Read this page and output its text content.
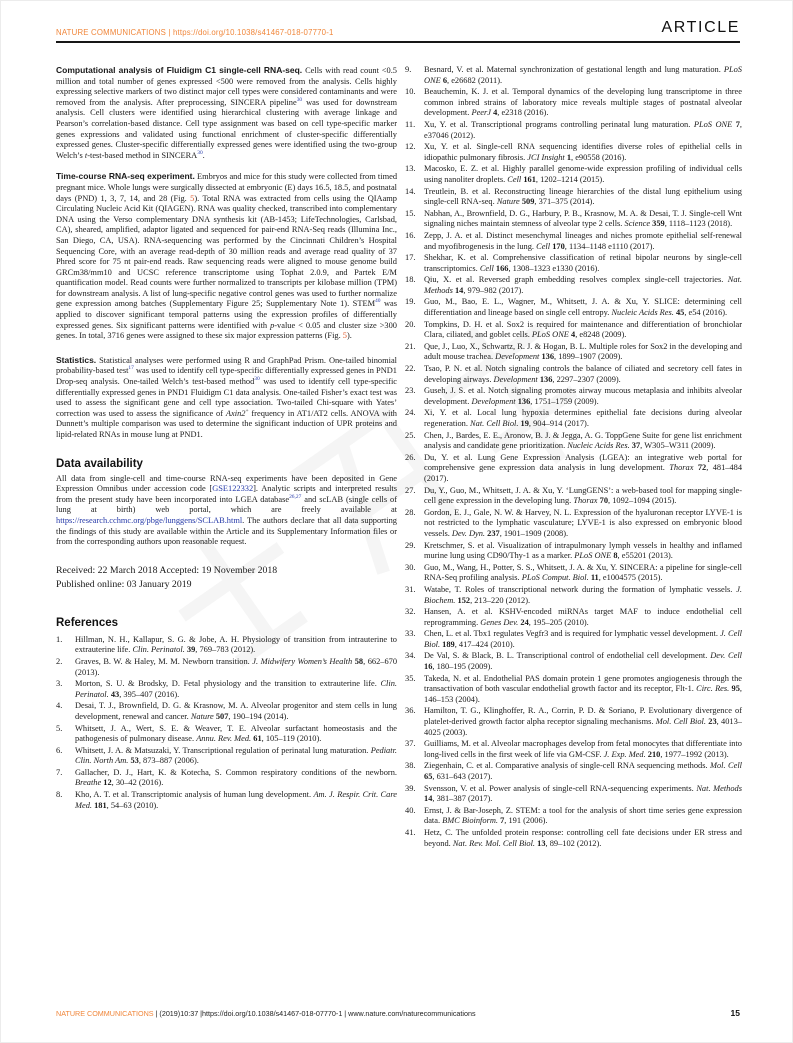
NATURE COMMUNICATIONS | https://doi.org/10.1038/s41467-018-07770-1	ARTICLE
Computational analysis of Fluidigm C1 single-cell RNA-seq. Cells with read count <0.5 million and total number of genes expressed <500 were removed from the analysis. Cells highly expressing selective markers of two distinct major cell types were considered contaminants and were removed from the analysis. After preprocessing, SINCERA pipeline$^{30}$ was used for downstream analysis. Cell clusters were identified using hierarchical clustering with average linkage and Pearson’s correlation-based distance. Cell type assignment was based on cell type-specific marker genes expressions and validated using functional enrichment of cluster-specific differentially expressed genes. Cluster-specific differentially expressed genes were identified using the two-group Welch’s t-test-based method in SINCERA$^{30}$.
Time-course RNA-seq experiment. Embryos and mice for this study were collected from timed pregnant mice. Whole lungs were surgically dissected at embryonic (E) days 16.5, 18.5, and postnatal days (PND) 1, 3, 7, 14, and 28 (Fig. 5). Total RNA was extracted from cells using the QIAamp Circulating Nucleic Acid Kit (QIAGEN). RNA was quality checked, transcribed into complementary DNA using the Verso complementary DNA synthesis kit (AB-1453; LifeTechnologies, Carlsbad, CA), sheared, amplified, adaptor ligated and sequenced for pair-end RNA-Seq reads (Illumina Inc., San Diego, CA, USA). RNA-sequencing was performed by the Cincinnati Children’s Hospital Sequencing Core, with an average read-depth of 30 million reads and average read quality of 37 Phred score for 75 nt pair-end reads. Raw sequencing reads were aligned to mouse genome build GRCm38/mm10 and UCSC reference transcriptome using Tophat 2.0.9, and Partek E/M quantification model. Read counts were further normalized to transcripts per kilobase million (TPM) for downstream analysis. A list of lung-specific negative control genes was used to further normalize gene expression among batches (Supplementary Figure 25; Supplementary Note 1). STEM$^{40}$ was applied to discover significant temporal patterns using the expression profiles of differentially expressed genes. Six significant patterns were identified with p-value < 0.05 and cluster size >300 genes. In total, 3716 genes were assigned to these six major expression patterns (Fig. 5).
Statistics. Statistical analyses were performed using R and GraphPad Prism. One-tailed binomial probability-based test$^{17}$ was used to identify cell type-specific differentially expressed genes in PND1 Drop-seq analysis. One-tailed Welch’s test-based method$^{30}$ was used to identify cell type-specific differentially expressed genes in PND1 Fluidigm C1 data analysis. One-tailed Fisher’s exact test was used to assess the significant gene and cell type association. Two-tailed Chi-square with Yates’ correction was used to assess the significance of Axin2+ frequency in AT1/AT2 cells. ANOVA with Dunnett’s multiple comparison was used to determine the significant induction of UPR proteins and lipid-related RNAs in mouse lung at PND1.
Data availability
All data from single-cell and time-course RNA-seq experiments have been deposited in Gene Expression Omnibus under accession code [GSE122332]. Analytic scripts and interpreted results from the present study have been incorporated into LGEA database$^{26,27}$ and scLAB (single cells of lung at birth) web portal, which are freely available at https://research.cchmc.org/pbge/lunggens/SCLAB.html. The authors declare that all data supporting the findings of this study are available within the Article and its Supplementary Information files or from the corresponding authors upon reasonable request.
Received: 22 March 2018 Accepted: 19 November 2018
Published online: 03 January 2019
References
1.	Hillman, N. H., Kallapur, S. G. & Jobe, A. H. Physiology of transition from intrauterine to extrauterine life. Clin. Perinatol. 39, 769–783 (2012).
2.	Graves, B. W. & Haley, M. M. Newborn transition. J. Midwifery Women’s Health 58, 662–670 (2013).
3.	Morton, S. U. & Brodsky, D. Fetal physiology and the transition to extrauterine life. Clin. Perinatol. 43, 395–407 (2016).
4.	Desai, T. J., Brownfield, D. G. & Krasnow, M. A. Alveolar progenitor and stem cells in lung development, renewal and cancer. Nature 507, 190–194 (2014).
5.	Whitsett, J. A., Wert, S. E. & Weaver, T. E. Alveolar surfactant homeostasis and the pathogenesis of pulmonary disease. Annu. Rev. Med. 61, 105–119 (2010).
6.	Whitsett, J. A. & Matsuzaki, Y. Transcriptional regulation of perinatal lung maturation. Pediatr. Clin. North Am. 53, 873–887 (2006).
7.	Gallacher, D. J., Hart, K. & Kotecha, S. Common respiratory conditions of the newborn. Breathe 12, 30–42 (2016).
8.	Kho, A. T. et al. Transcriptomic analysis of human lung development. Am. J. Respir. Crit. Care Med. 181, 54–63 (2010).
9.	Besnard, V. et al. Maternal synchronization of gestational length and lung maturation. PLoS ONE 6, e26682 (2011).
10.	Beauchemin, K. J. et al. Temporal dynamics of the developing lung transcriptome in three common inbred strains of laboratory mice reveals multiple stages of postnatal alveolar development. PeerJ 4, e2318 (2016).
11.	Xu, Y. et al. Transcriptional programs controlling perinatal lung maturation. PLoS ONE 7, e37046 (2012).
12.	Xu, Y. et al. Single-cell RNA sequencing identifies diverse roles of epithelial cells in idiopathic pulmonary fibrosis. JCI Insight 1, e90558 (2016).
13.	Macosko, E. Z. et al. Highly parallel genome-wide expression profiling of individual cells using nanoliter droplets. Cell 161, 1202–1214 (2015).
14.	Treutlein, B. et al. Reconstructing lineage hierarchies of the distal lung epithelium using single-cell RNA-seq. Nature 509, 371–375 (2014).
15.	Nabhan, A., Brownfield, D. G., Harbury, P. B., Krasnow, M. A. & Desai, T. J. Single-cell Wnt signaling niches maintain stemness of alveolar type 2 cells. Science 359, 1118–1123 (2018).
16.	Zepp, J. A. et al. Distinct mesenchymal lineages and niches promote epithelial self-renewal and myofibrogenesis in the lung. Cell 170, 1134–1148 e1110 (2017).
17.	Shekhar, K. et al. Comprehensive classification of retinal bipolar neurons by single-cell transcriptomics. Cell 166, 1308–1323 e1330 (2016).
18.	Qiu, X. et al. Reversed graph embedding resolves complex single-cell trajectories. Nat. Methods 14, 979–982 (2017).
19.	Guo, M., Bao, E. L., Wagner, M., Whitsett, J. A. & Xu, Y. SLICE: determining cell differentiation and lineage based on single cell entropy. Nucleic Acids Res. 45, e54 (2016).
20.	Tompkins, D. H. et al. Sox2 is required for maintenance and differentiation of bronchiolar Clara, ciliated, and goblet cells. PLoS ONE 4, e8248 (2009).
21.	Que, J., Luo, X., Schwartz, R. J. & Hogan, B. L. Multiple roles for Sox2 in the developing and adult mouse trachea. Development 136, 1899–1907 (2009).
22.	Tsao, P. N. et al. Notch signaling controls the balance of ciliated and secretory cell fates in developing airways. Development 136, 2297–2307 (2009).
23.	Guseh, J. S. et al. Notch signaling promotes airway mucous metaplasia and inhibits alveolar development. Development 136, 1751–1759 (2009).
24.	Xi, Y. et al. Local lung hypoxia determines epithelial fate decisions during alveolar regeneration. Nat. Cell Biol. 19, 904–914 (2017).
25.	Chen, J., Bardes, E. E., Aronow, B. J. & Jegga, A. G. ToppGene Suite for gene list enrichment analysis and candidate gene prioritization. Nucleic Acids Res. 37, W305–W311 (2009).
26.	Du, Y. et al. Lung Gene Expression Analysis (LGEA): an integrative web portal for comprehensive gene expression data analysis in lung development. Thorax 72, 481–484 (2017).
27.	Du, Y., Guo, M., Whitsett, J. A. & Xu, Y. ‘LungGENS’: a web-based tool for mapping single-cell gene expression in the developing lung. Thorax 70, 1092–1094 (2015).
28.	Gordon, E. J., Gale, N. W. & Harvey, N. L. Expression of the hyaluronan receptor LYVE-1 is not restricted to the lymphatic vasculature; LYVE-1 is also expressed on embryonic blood vessels. Dev. Dyn. 237, 1901–1909 (2008).
29.	Kretschmer, S. et al. Visualization of intrapulmonary lymph vessels in healthy and inflamed murine lung using CD90/Thy-1 as a marker. PLoS ONE 8, e55201 (2013).
30.	Guo, M., Wang, H., Potter, S. S., Whitsett, J. A. & Xu, Y. SINCERA: a pipeline for single-cell RNA-Seq profiling analysis. PLoS Comput. Biol. 11, e1004575 (2015).
31.	Watabe, T. Roles of transcriptional network during the formation of lymphatic vessels. J. Biochem. 152, 213–220 (2012).
32.	Hansen, A. et al. KSHV-encoded miRNAs target MAF to induce endothelial cell reprogramming. Genes Dev. 24, 195–205 (2010).
33.	Chen, L. et al. Tbx1 regulates Vegfr3 and is required for lymphatic vessel development. J. Cell Biol. 189, 417–424 (2010).
34.	De Val, S. & Black, B. L. Transcriptional control of endothelial cell development. Dev. Cell 16, 180–195 (2009).
35.	Takeda, N. et al. Endothelial PAS domain protein 1 gene promotes angiogenesis through the transactivation of both vascular endothelial growth factor and its receptor, Flt-1. Circ. Res. 95, 146–153 (2004).
36.	Hamilton, T. G., Klinghoffer, R. A., Corrin, P. D. & Soriano, P. Evolutionary divergence of platelet-derived growth factor alpha receptor signaling mechanisms. Mol. Cell Biol. 23, 4013–4025 (2003).
37.	Guilliams, M. et al. Alveolar macrophages develop from fetal monocytes that differentiate into long-lived cells in the first week of life via GM-CSF. J. Exp. Med. 210, 1977–1992 (2013).
38.	Ziegenhain, C. et al. Comparative analysis of single-cell RNA sequencing methods. Mol. Cell 65, 631–643 (2017).
39.	Svensson, V. et al. Power analysis of single-cell RNA-sequencing experiments. Nat. Methods 14, 381–387 (2017).
40.	Ernst, J. & Bar-Joseph, Z. STEM: a tool for the analysis of short time series gene expression data. BMC Bioinform. 7, 191 (2006).
41.	Hetz, C. The unfolded protein response: controlling cell fate decisions under ER stress and beyond. Nat. Rev. Mol. Cell Biol. 13, 89–102 (2012).
NATURE COMMUNICATIONS | (2019)10:37 |https://doi.org/10.1038/s41467-018-07770-1 | www.nature.com/naturecommunications	15
